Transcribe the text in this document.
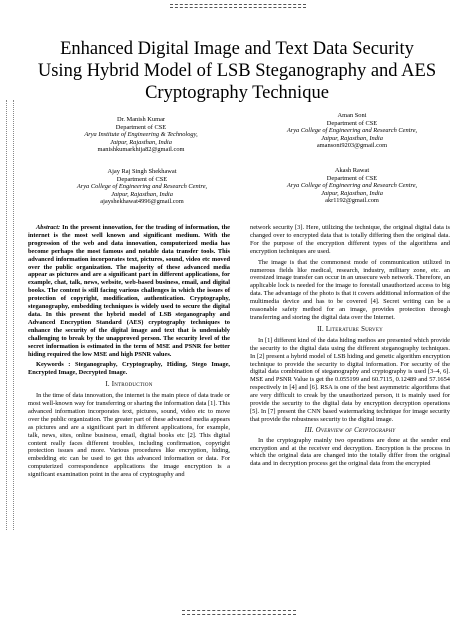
Enhanced Digital Image and Text Data Security
Using Hybrid Model of LSB Steganography and AES
Cryptography Technique
Dr. Manish Kumar
Department of CSE
Arya Institute of Engineering & Technology,
Jaipur, Rajasthan, India
manishkumarkhija82@gmail.com
Aman Soni
Department of CSE
Arya College of Engineering and Research Centre,
Jaipur, Rajasthan, India
amansoni9203@gmail.com
Ajay Raj Singh Shekhawat
Department of CSE
Arya College of Engineering and Research Centre,
Jaipur, Rajasthan, India
ajayshekhawat4996@gmail.com
Akash Rawat
Department of CSE
Arya College of Engineering and Research Centre,
Jaipur, Rajasthan, India
akr1192@gmail.com

Abstract: In the present innovation, for the trading of information, the internet is the most well known and significant medium. With the progression of the web and data innovation, computerized media has become perhaps the most famous and notable data transfer tools. This advanced information incorporates text, pictures, sound, video etc moved over the public organization. The majority of these advanced media appear as pictures and are a significant part in different applications, for example, chat, talk, news, website, web-based business, email, and digital books. The content is still facing various challenges in which the issues of protection of copyright, modification, authentication. Cryptography, steganography, embedding techniques is widely used to secure the digital data. In this present the hybrid model of LSB steganography and Advanced Encryption Standard (AES) cryptography techniques to enhance the security of the digital image and text that is undeniably challenging to break by the unapproved person. The security level of the secret information is estimated in the term of MSE and PSNR for better hiding required the low MSE and high PSNR values.

Keywords : Steganography, Cryptography, Hiding, Stego Image, Encrypted Image, Decrypted Image.

I. Introduction

In the time of data innovation, the internet is the main piece of data trade or most well-known way for transferring or sharing the information data [1]. This advanced information incorporates text, pictures, sound, video etc to move over the public organization. The greater part of these advanced media appears as pictures and are a significant part in different applications, for example, talk, news, sites, online business, email, digital books etc [2]. This digital content really faces different troubles, including confirmation, copyright protection issues and more. Various procedures like encryption, hiding, embedding etc can be used to get this advanced information or data. For computerized correspondence applications the image encryption is a significant examination point in the area of cryptography and

network security [3]. Here, utilizing the technique, the original digital data is changed over to encrypted data that is totally differing then the original data. For the purpose of the encryption different types of the algorithms and encryption techniques are used.

The image is that the commonest mode of communication utilized in numerous fields like medical, research, industry, military zone, etc. an oversized image transfer can occur in an unsecure web network. Therefore, an applicable lock is needed for the image to forestall unauthorized access to big data. The advantage of the photo is that it covers additional information of the multimedia device and has to be covered [4]. Secret writing can be a reasonable safety method for an image, provides protection through transferring and storing the digital data over the Internet.

II. Literature Survey

In [1] different kind of the data hiding methos are presented which provide the security to the digital data using the different steganography techniques. In [2] present a hybrid model of LSB hiding and genetic algorithm encryption technique to provide the security to digital information. For security of the digital data combination of steganography and cryptography is used [3–4, 6]. MSE and PSNR Value is get the 0.055199 and 60.7115, 0.12489 and 57.1654 respectively in [4] and [6]. RSA is one of the best asymmetric algorithms that are very difficult to creak by the unauthorized person, it is mainly used for provide the security to the digital data by encryption decryption operations [5]. In [7] present the CNN based watermarking technique for image security that provide the robustness security to the digital image.

III. Overview of Cryptography

In the cryptography mainly two operations are done at the sender end encryption and at the receiver end decryption. Encryption is the process in which the original data are changed into the totally differ from the original data and in decryption process get the original data from the encrypted
